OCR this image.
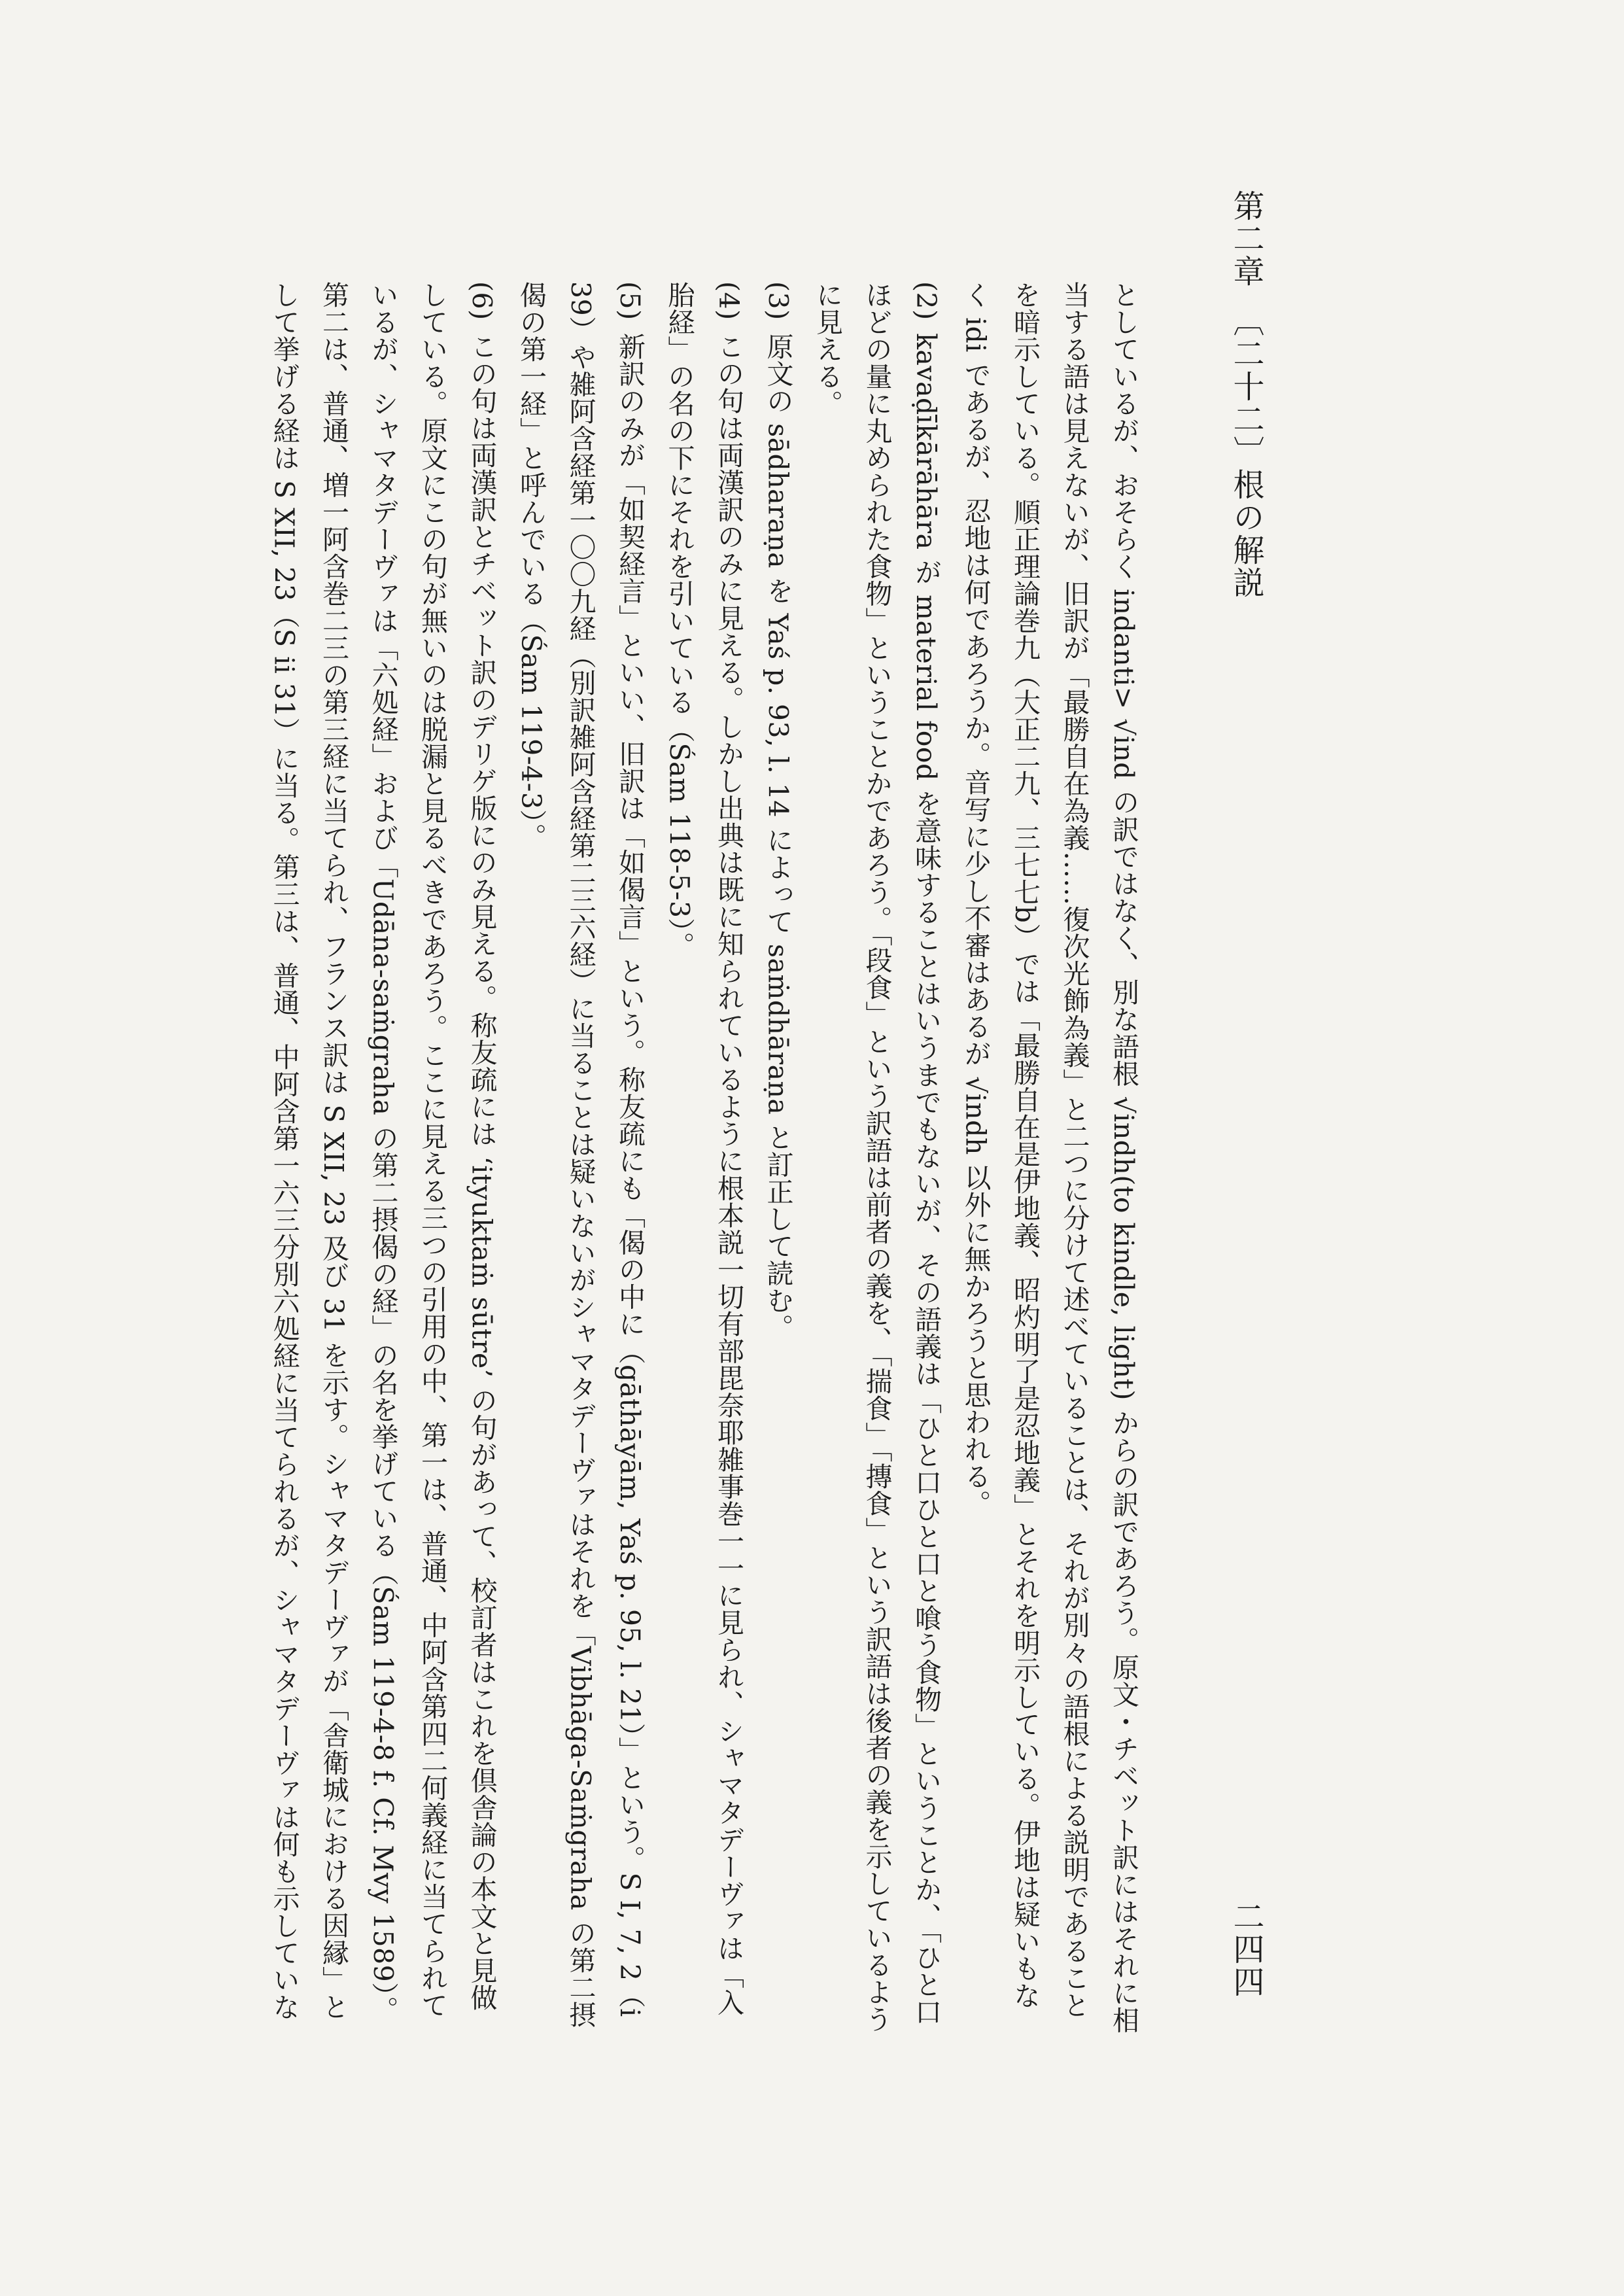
第二章　〔二十二〕根の解説

としているが、おそらく indanti> √ind の訳ではなく、別な語根 √indh(to kindle, light) からの訳であろう。原文・チベット訳にはそれに相当する語は見えないが、旧訳が「最勝自在為義……復次光飾為義」と二つに分けて述べていることは、それが別々の語根による説明であることを暗示している。順正理論巻九（大正二九、三七七b）では「最勝自在是伊地義、昭灼明了是忍地義」とそれを明示している。伊地は疑いもなく idi であるが、忍地は何であろうか。音写に少し不審はあるが √indh 以外に無かろうと思われる。

(2) kavaḍīkārāhāra が material food を意味することはいうまでもないが、その語義は「ひと口ひと口と喰う食物」ということか、「ひと口ほどの量に丸められた食物」ということかであろう。「段食」という訳語は前者の義を、「揣食」「摶食」という訳語は後者の義を示しているように見える。

(3) 原文の sādharaṇa を Yaś p. 93, l. 14 によって saṁdhāraṇa と訂正して読む。

(4) この句は両漢訳のみに見える。しかし出典は既に知られているように根本説一切有部毘奈耶雑事巻一一に見られ、シャマタデーヴァは「入胎経」の名の下にそれを引いている（Śam 118-5-3）。

(5) 新訳のみが「如契経言」といい、旧訳は「如偈言」という。称友疏にも「偈の中に（gāthāyām, Yaś p. 95, l. 21）」という。S I, 7, 2（i 39）や雑阿含経第一〇〇九経（別訳雑阿含経第二三六経）に当ることは疑いないがシャマタデーヴァはそれを「Vibhāga-Saṁgraha の第二摂偈の第一経」と呼んでいる（Śam 119-4-3）。

(6) この句は両漢訳とチベット訳のデリゲ版にのみ見える。称友疏には ‘ityuktaṁ sūtre’ の句があって、校訂者はこれを倶舎論の本文と見做している。原文にこの句が無いのは脱漏と見るべきであろう。ここに見える三つの引用の中、第一は、普通、中阿含第四二何義経に当てられているが、シャマタデーヴァは「六処経」および「Udāna-saṁgraha の第二摂偈の経」の名を挙げている（Śam 119-4-8 f. Cf. Mvy 1589）。第二は、普通、増一阿含巻二三の第三経に当てられ、フランス訳は S XII, 23 及び 31 を示す。シャマタデーヴァが「舎衛城における因縁」として挙げる経は S XII, 23（S ii 31）に当る。第三は、普通、中阿含第一六三分別六処経に当てられるが、シャマタデーヴァは何も示していな	二四四
